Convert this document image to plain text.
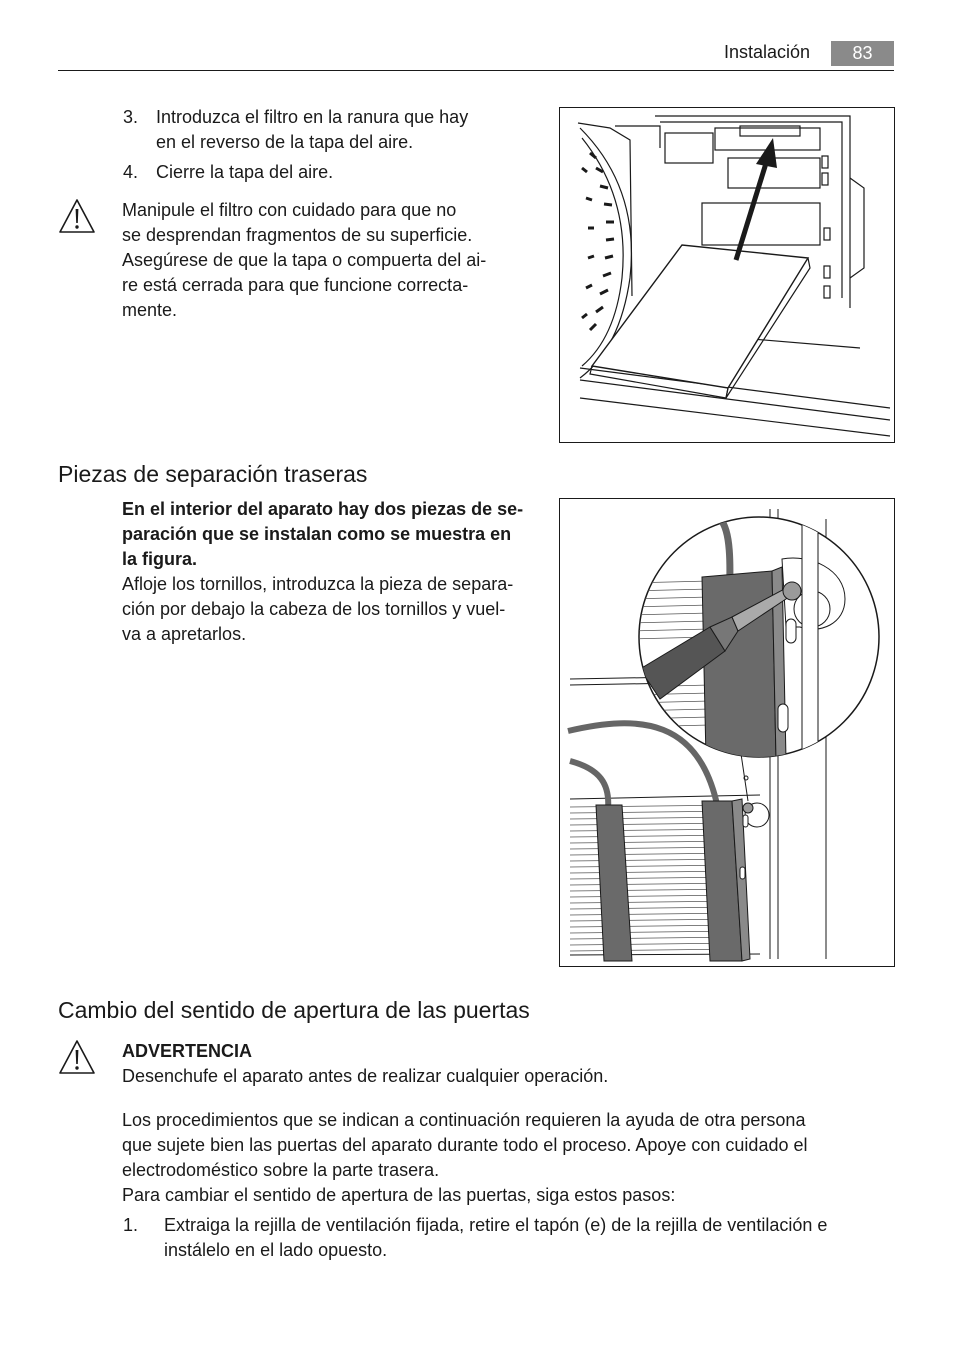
Instalación	83
3. Introduzca el filtro en la ranura que hay
en el reverso de la tapa del aire.
4. Cierre la tapa del aire.
Manipule el filtro con cuidado para que no
se desprendan fragmentos de su superficie.
Asegúrese de que la tapa o compuerta del ai-
re está cerrada para que funcione correcta-
mente.
Piezas de separación traseras
En el interior del aparato hay dos piezas de se-
paración que se instalan como se muestra en
la figura.
Afloje los tornillos, introduzca la pieza de separa-
ción por debajo la cabeza de los tornillos y vuel-
va a apretarlos.
Cambio del sentido de apertura de las puertas
ADVERTENCIA
Desenchufe el aparato antes de realizar cualquier operación.
Los procedimientos que se indican a continuación requieren la ayuda de otra persona
que sujete bien las puertas del aparato durante todo el proceso. Apoye con cuidado el
electrodoméstico sobre la parte trasera.
Para cambiar el sentido de apertura de las puertas, siga estos pasos:
1.	Extraiga la rejilla de ventilación fijada, retire el tapón (e) de la rejilla de ventilación e
instálelo en el lado opuesto.
